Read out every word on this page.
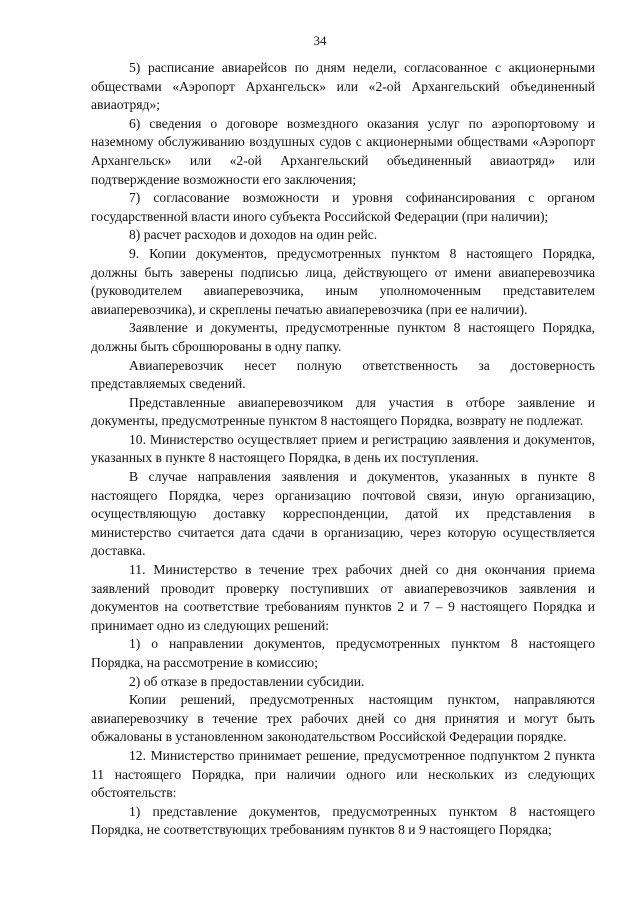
34

5) расписание авиарейсов по дням недели, согласованное с акционерными обществами «Аэропорт Архангельск» или «2-ой Архангельский объединенный авиаотряд»;

6) сведения о договоре возмездного оказания услуг по аэропортовому и наземному обслуживанию воздушных судов с акционерными обществами «Аэропорт Архангельск» или «2-ой Архангельский объединенный авиаотряд» или подтверждение возможности его заключения;

7) согласование возможности и уровня софинансирования с органом государственной власти иного субъекта Российской Федерации (при наличии);

8) расчет расходов и доходов на один рейс.

9. Копии документов, предусмотренных пунктом 8 настоящего Порядка, должны быть заверены подписью лица, действующего от имени авиаперевозчика (руководителем авиаперевозчика, иным уполномоченным представителем авиаперевозчика), и скреплены печатью авиаперевозчика (при ее наличии).

Заявление и документы, предусмотренные пунктом 8 настоящего Порядка, должны быть сброшюрованы в одну папку.

Авиаперевозчик несет полную ответственность за достоверность представляемых сведений.

Представленные авиаперевозчиком для участия в отборе заявление и документы, предусмотренные пунктом 8 настоящего Порядка, возврату не подлежат.

10. Министерство осуществляет прием и регистрацию заявления и документов, указанных в пункте 8 настоящего Порядка, в день их поступления.

В случае направления заявления и документов, указанных в пункте 8 настоящего Порядка, через организацию почтовой связи, иную организацию, осуществляющую доставку корреспонденции, датой их представления в министерство считается дата сдачи в организацию, через которую осуществляется доставка.

11. Министерство в течение трех рабочих дней со дня окончания приема заявлений проводит проверку поступивших от авиаперевозчиков заявления и документов на соответствие требованиям пунктов 2 и 7 – 9 настоящего Порядка и принимает одно из следующих решений:

1) о направлении документов, предусмотренных пунктом 8 настоящего Порядка, на рассмотрение в комиссию;

2) об отказе в предоставлении субсидии.

Копии решений, предусмотренных настоящим пунктом, направляются авиаперевозчику в течение трех рабочих дней со дня принятия и могут быть обжалованы в установленном законодательством Российской Федерации порядке.

12. Министерство принимает решение, предусмотренное подпунктом 2 пункта 11 настоящего Порядка, при наличии одного или нескольких из следующих обстоятельств:

1) представление документов, предусмотренных пунктом 8 настоящего Порядка, не соответствующих требованиям пунктов 8 и 9 настоящего Порядка;
